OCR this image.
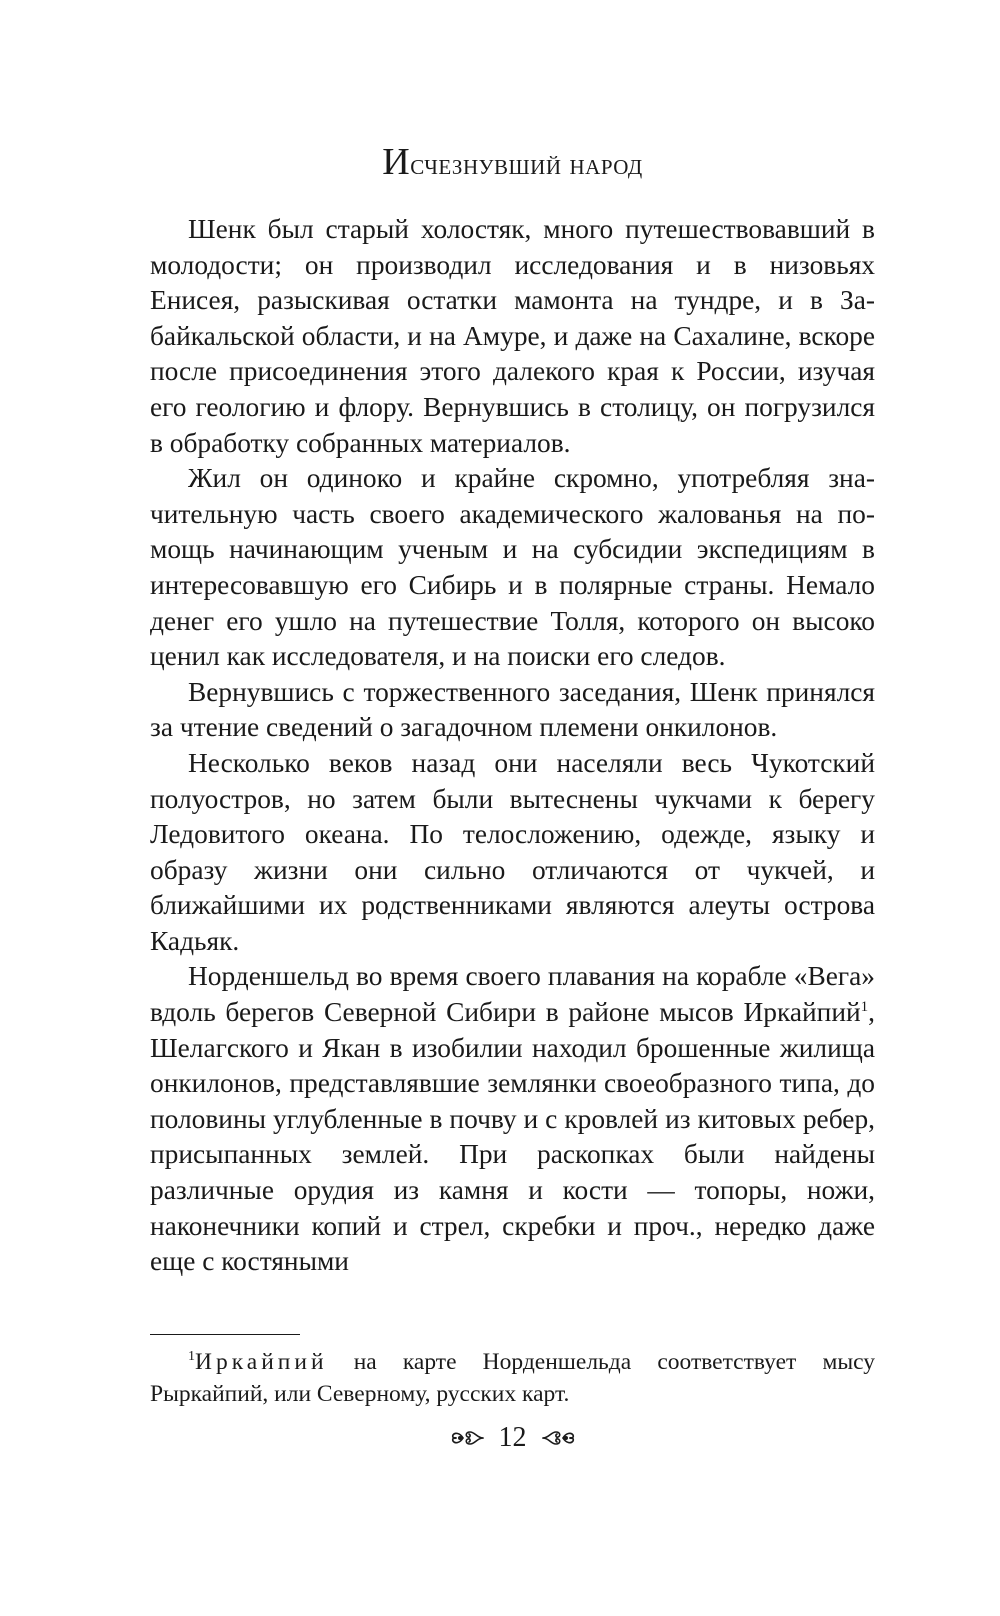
Исчезнувший народ

Шенк был старый холостяк, много путешествовавший в молодости; он производил исследования и в низовьях Енисея, разыскивая остатки мамонта на тундре, и в Забайкальской области, и на Амуре, и даже на Сахалине, вскоре после присоединения этого далекого края к России, изучая его геологию и флору. Вернувшись в столицу, он погрузился в обработку собранных материалов.

Жил он одиноко и крайне скромно, употребляя значительную часть своего академического жалованья на помощь начинающим ученым и на субсидии экспедициям в интересовавшую его Сибирь и в полярные страны. Немало денег его ушло на путешествие Толля, которого он высоко ценил как исследователя, и на поиски его следов.

Вернувшись с торжественного заседания, Шенк принялся за чтение сведений о загадочном племени онкилонов.

Несколько веков назад они населяли весь Чукотский полуостров, но затем были вытеснены чукчами к берегу Ледовитого океана. По телосложению, одежде, языку и образу жизни они сильно отличаются от чукчей, и ближайшими их родственниками являются алеуты острова Кадьяк.

Норденшельд во время своего плавания на корабле «Вега» вдоль берегов Северной Сибири в районе мысов Иркайпий$^1$, Шелагского и Якан в изобилии находил брошенные жилища онкилонов, представлявшие землянки своеобразного типа, до половины углубленные в почву и с кровлей из китовых ребер, присыпанных землей. При раскопках были найдены различные орудия из камня и кости — топоры, ножи, наконечники копий и стрел, скребки и проч., нередко даже еще с костяными

$^1$Иркайпий на карте Норденшельда соответствует мысу Рыркайпий, или Северному, русских карт.

12
